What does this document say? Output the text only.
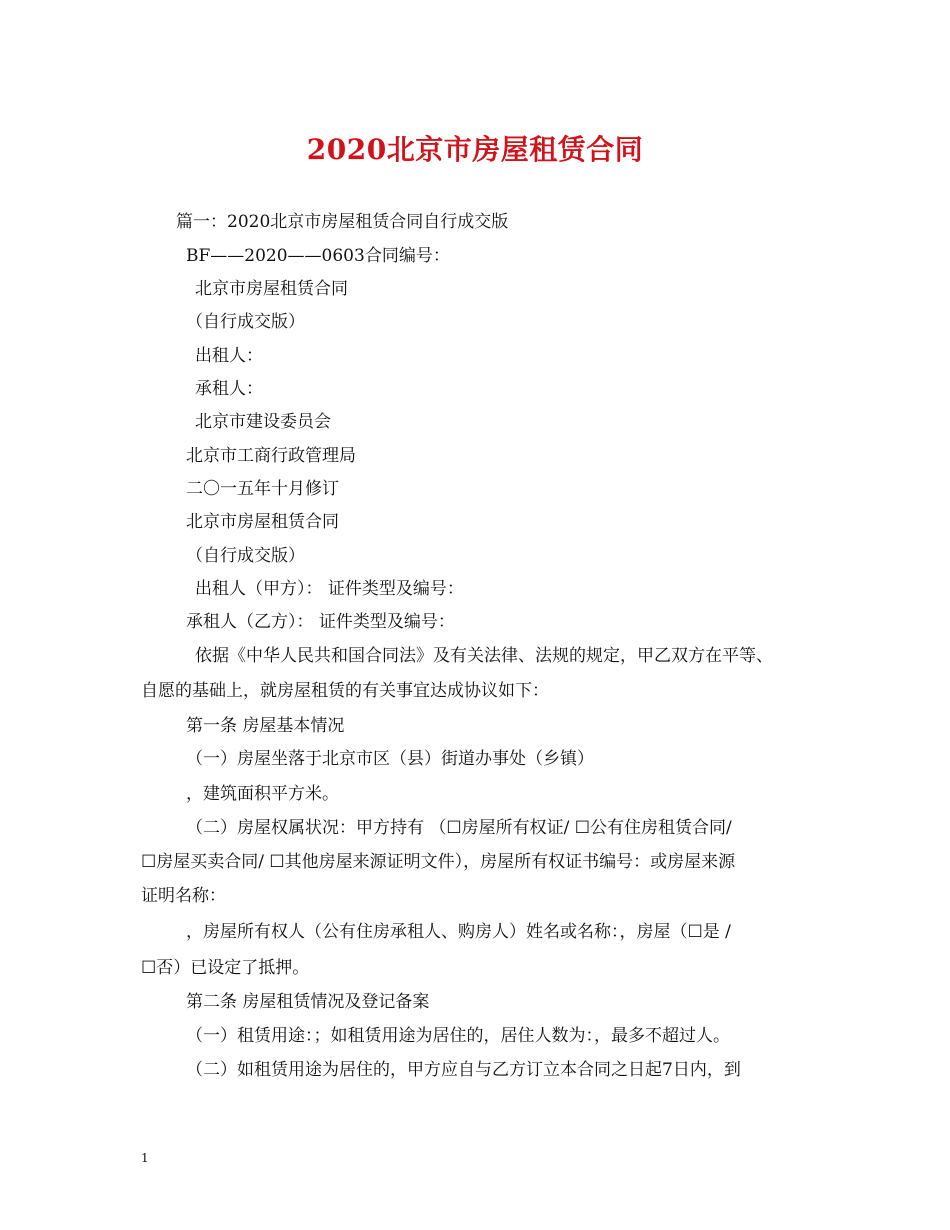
2020北京市房屋租赁合同
篇一：2020北京市房屋租赁合同自行成交版
BF——2020——0603合同编号：
北京市房屋租赁合同
（自行成交版）
出租人：
承租人：
北京市建设委员会
北京市工商行政管理局
二〇一五年十月修订
北京市房屋租赁合同
（自行成交版）
出租人（甲方）： 证件类型及编号：
承租人（乙方）： 证件类型及编号：
依据《中华人民共和国合同法》及有关法律、法规的规定，甲乙双方在平等、
自愿的基础上，就房屋租赁的有关事宜达成协议如下：
第一条 房屋基本情况
（一）房屋坐落于北京市区（县）街道办事处（乡镇）
，建筑面积平方米。
（二）房屋权属状况：甲方持有 （☐房屋所有权证/ ☐公有住房租赁合同/
☐房屋买卖合同/ ☐其他房屋来源证明文件），房屋所有权证书编号：或房屋来源
证明名称：
，房屋所有权人（公有住房承租人、购房人）姓名或名称：，房屋（☐是 /
☐否）已设定了抵押。
第二条 房屋租赁情况及登记备案
（一）租赁用途：；如租赁用途为居住的，居住人数为：，最多不超过人。
（二）如租赁用途为居住的，甲方应自与乙方订立本合同之日起7日内，到
1
